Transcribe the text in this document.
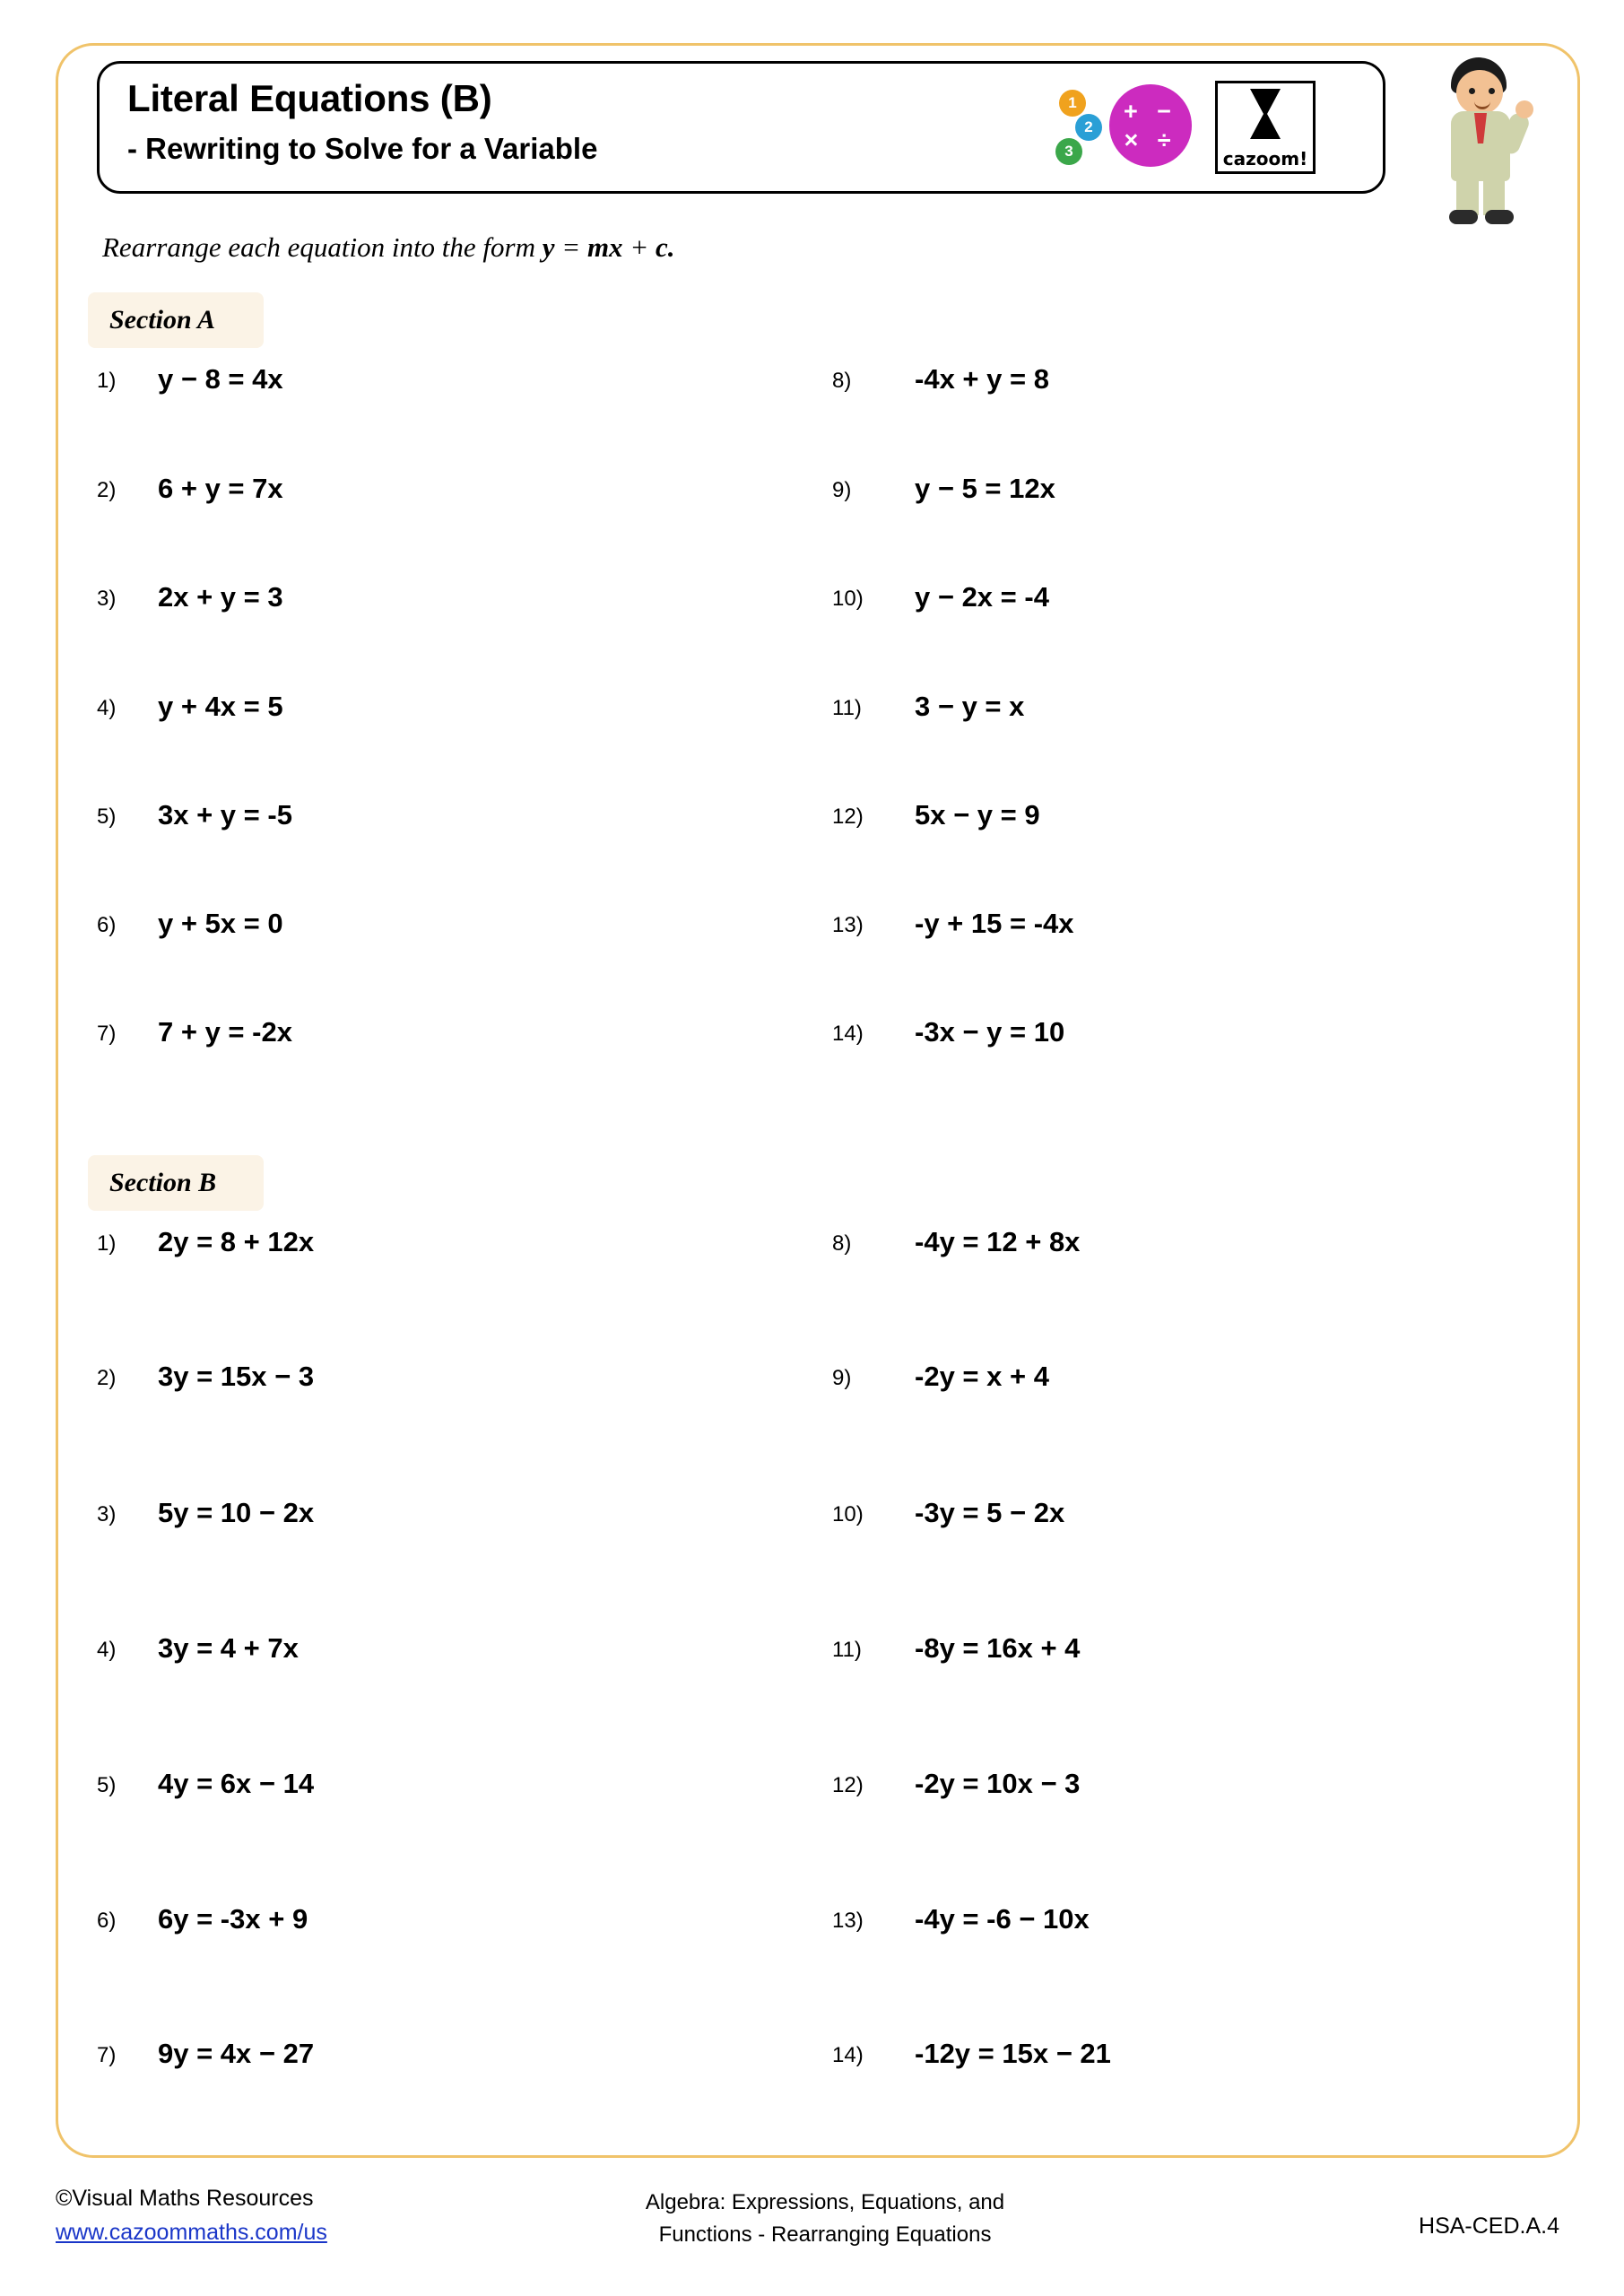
Literal Equations (B)
- Rewriting to Solve for a Variable
1
2
3
+ − × ÷
cazoom!
Rearrange each equation into the form y = mx + c.
Section A
1) y − 8 = 4x
2) 6 + y = 7x
3) 2x + y = 3
4) y + 4x = 5
5) 3x + y = -5
6) y + 5x = 0
7) 7 + y = -2x
8) -4x + y = 8
9) y − 5 = 12x
10) y − 2x = -4
11) 3 − y = x
12) 5x − y = 9
13) -y + 15 = -4x
14) -3x − y = 10
Section B
1) 2y = 8 + 12x
2) 3y = 15x − 3
3) 5y = 10 − 2x
4) 3y = 4 + 7x
5) 4y = 6x − 14
6) 6y = -3x + 9
7) 9y = 4x − 27
8) -4y = 12 + 8x
9) -2y = x + 4
10) -3y = 5 − 2x
11) -8y = 16x + 4
12) -2y = 10x − 3
13) -4y = -6 − 10x
14) -12y = 15x − 21
©Visual Maths Resources
www.cazoommaths.com/us
Algebra: Expressions, Equations, and
Functions - Rearranging Equations	HSA-CED.A.4
